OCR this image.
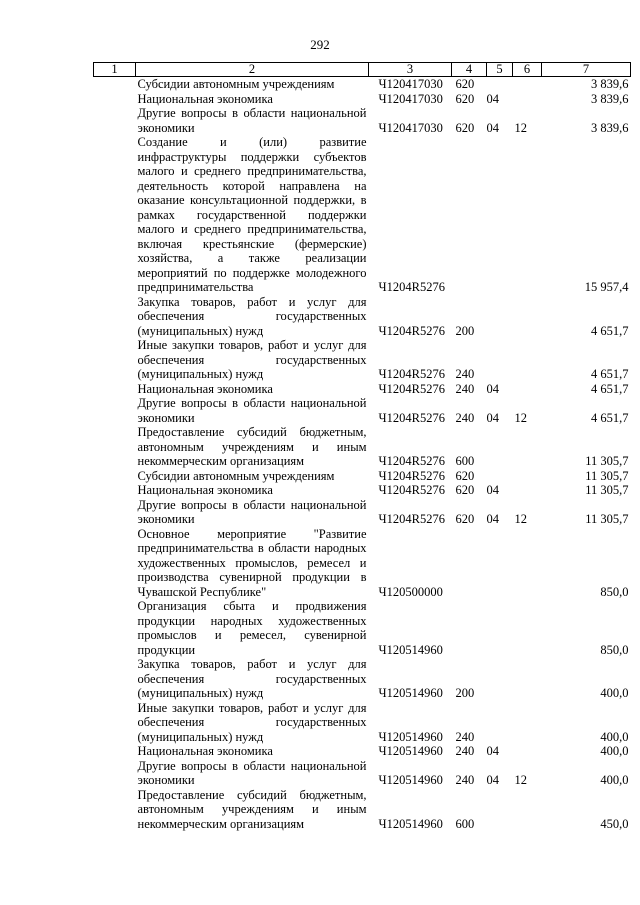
292
1	2	3	4	5	6	7
	Субсидии автономным учреждениям	Ч120417030	620			3 839,6
	Национальная экономика	Ч120417030	620	04		3 839,6
	Другие вопросы в области национальной экономики	Ч120417030	620	04	12	3 839,6
	Создание и (или) развитие инфраструктуры поддержки субъектов малого и среднего предпринимательства, деятельность которой направлена на оказание консультационной поддержки, в рамках государственной поддержки малого и среднего предпринимательства, включая крестьянские (фермерские) хозяйства, а также реализации мероприятий по поддержке молодежного предпринимательства	Ч1204R5276				15 957,4
	Закупка товаров, работ и услуг для обеспечения государственных (муниципальных) нужд	Ч1204R5276	200			4 651,7
	Иные закупки товаров, работ и услуг для обеспечения государственных (муниципальных) нужд	Ч1204R5276	240			4 651,7
	Национальная экономика	Ч1204R5276	240	04		4 651,7
	Другие вопросы в области национальной экономики	Ч1204R5276	240	04	12	4 651,7
	Предоставление субсидий бюджетным, автономным учреждениям и иным некоммерческим организациям	Ч1204R5276	600			11 305,7
	Субсидии автономным учреждениям	Ч1204R5276	620			11 305,7
	Национальная экономика	Ч1204R5276	620	04		11 305,7
	Другие вопросы в области национальной экономики	Ч1204R5276	620	04	12	11 305,7
	Основное мероприятие "Развитие предпринимательства в области народных художественных промыслов, ремесел и производства сувенирной продукции в Чувашской Республике"	Ч120500000				850,0
	Организация сбыта и продвижения продукции народных художественных промыслов и ремесел, сувенирной продукции	Ч120514960				850,0
	Закупка товаров, работ и услуг для обеспечения государственных (муниципальных) нужд	Ч120514960	200			400,0
	Иные закупки товаров, работ и услуг для обеспечения государственных (муниципальных) нужд	Ч120514960	240			400,0
	Национальная экономика	Ч120514960	240	04		400,0
	Другие вопросы в области национальной экономики	Ч120514960	240	04	12	400,0
	Предоставление субсидий бюджетным, автономным учреждениям и иным некоммерческим организациям	Ч120514960	600			450,0
